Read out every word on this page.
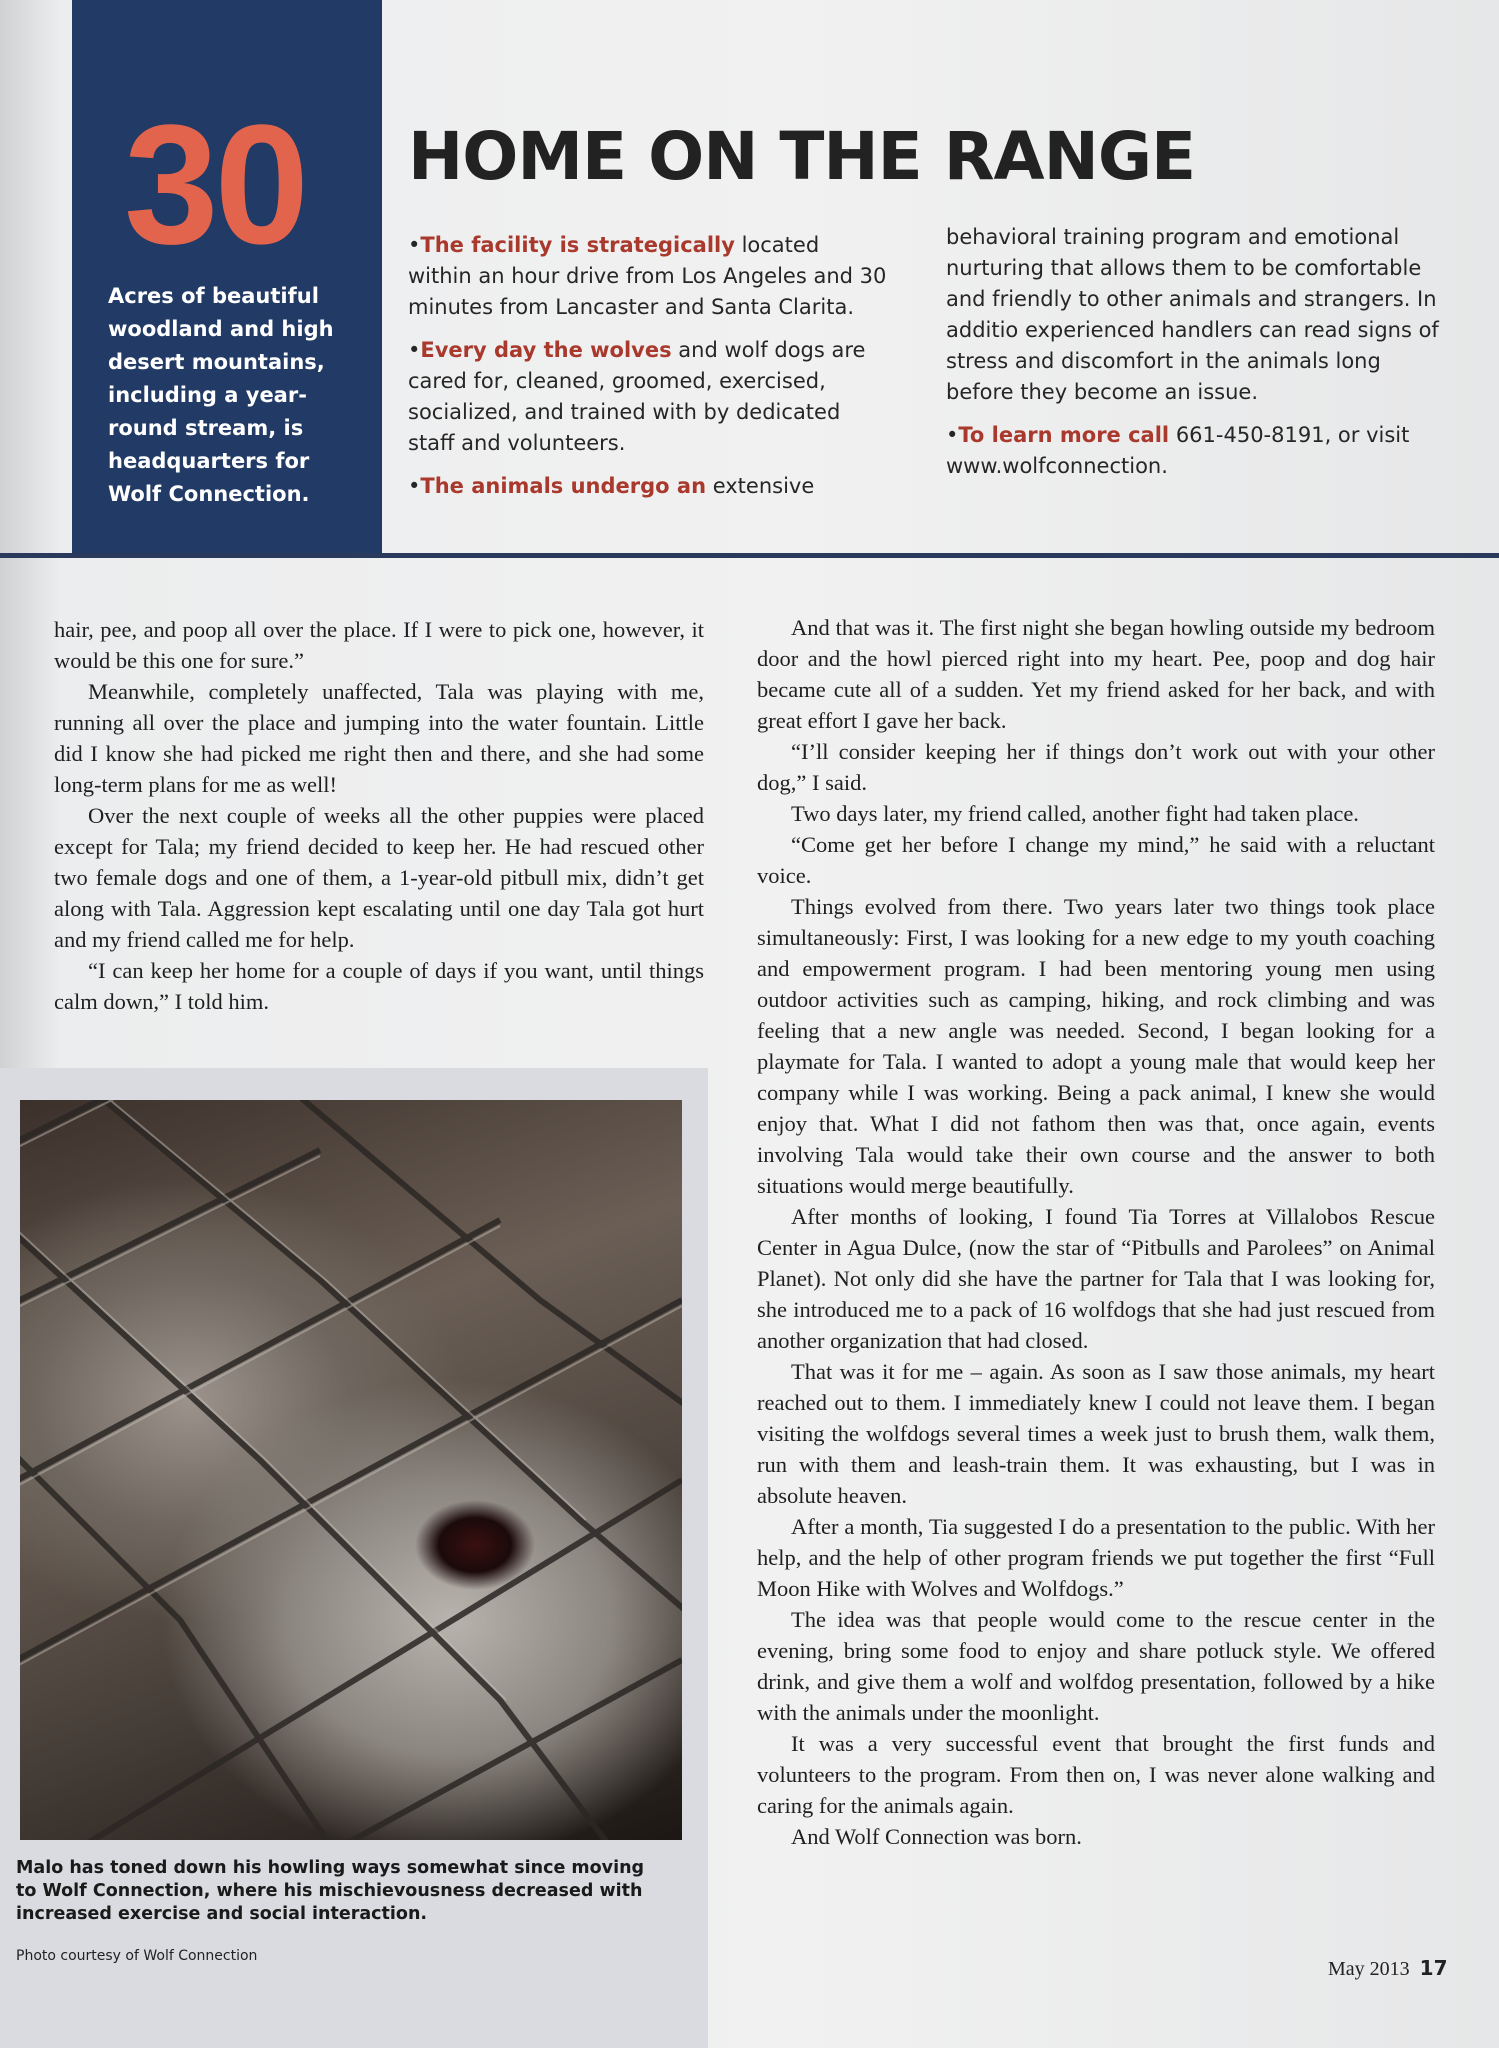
30
Acres of beautiful woodland and high desert mountains, including a year-round stream, is headquarters for Wolf Connection.
HOME ON THE RANGE

•The facility is strategically located within an hour drive from Los Angeles and 30 minutes from Lancaster and Santa Clarita.

•Every day the wolves and wolf dogs are cared for, cleaned, groomed, exercised, socialized, and trained with by dedicated staff and volunteers.

•The animals undergo an extensive

behavioral training program and emotional nurturing that allows them to be comfortable and friendly to other animals and strangers. In additio experienced handlers can read signs of stress and discomfort in the animals long before they become an issue.

•To learn more call 661-450-8191, or visit www.wolfconnection.

hair, pee, and poop all over the place. If I were to pick one, however, it would be this one for sure.”

Meanwhile, completely unaffected, Tala was playing with me, running all over the place and jumping into the water fountain. Little did I know she had picked me right then and there, and she had some long-term plans for me as well!

Over the next couple of weeks all the other puppies were placed except for Tala; my friend decided to keep her. He had rescued other two female dogs and one of them, a 1-year-old pitbull mix, didn’t get along with Tala. Aggression kept escalating until one day Tala got hurt and my friend called me for help.

“I can keep her home for a couple of days if you want, until things calm down,” I told him.

And that was it. The first night she began howling outside my bedroom door and the howl pierced right into my heart. Pee, poop and dog hair became cute all of a sudden. Yet my friend asked for her back, and with great effort I gave her back.

“I’ll consider keeping her if things don’t work out with your other dog,” I said.

Two days later, my friend called, another fight had taken place.

“Come get her before I change my mind,” he said with a reluctant voice.

Things evolved from there. Two years later two things took place simultaneously: First, I was looking for a new edge to my youth coaching and empowerment program. I had been mentoring young men using outdoor activities such as camping, hiking, and rock climbing and was feeling that a new angle was needed. Second, I began looking for a playmate for Tala. I wanted to adopt a young male that would keep her company while I was working. Being a pack animal, I knew she would enjoy that. What I did not fathom then was that, once again, events involving Tala would take their own course and the answer to both situations would merge beautifully.

After months of looking, I found Tia Torres at Villalobos Rescue Center in Agua Dulce, (now the star of “Pitbulls and Parolees” on Animal Planet). Not only did she have the partner for Tala that I was looking for, she introduced me to a pack of 16 wolfdogs that she had just rescued from another organization that had closed.

That was it for me – again. As soon as I saw those animals, my heart reached out to them. I immediately knew I could not leave them. I began visiting the wolfdogs several times a week just to brush them, walk them, run with them and leash-train them. It was exhausting, but I was in absolute heaven.

After a month, Tia suggested I do a presentation to the public. With her help, and the help of other program friends we put together the first “Full Moon Hike with Wolves and Wolfdogs.”

The idea was that people would come to the rescue center in the evening, bring some food to enjoy and share potluck style. We offered drink, and give them a wolf and wolfdog presentation, followed by a hike with the animals under the moonlight.

It was a very successful event that brought the first funds and volunteers to the program. From then on, I was never alone walking and caring for the animals again.

And Wolf Connection was born.

Malo has toned down his howling ways somewhat since moving to Wolf Connection, where his mischievousness decreased with increased exercise and social interaction.
Photo courtesy of Wolf Connection
May 2013 17
